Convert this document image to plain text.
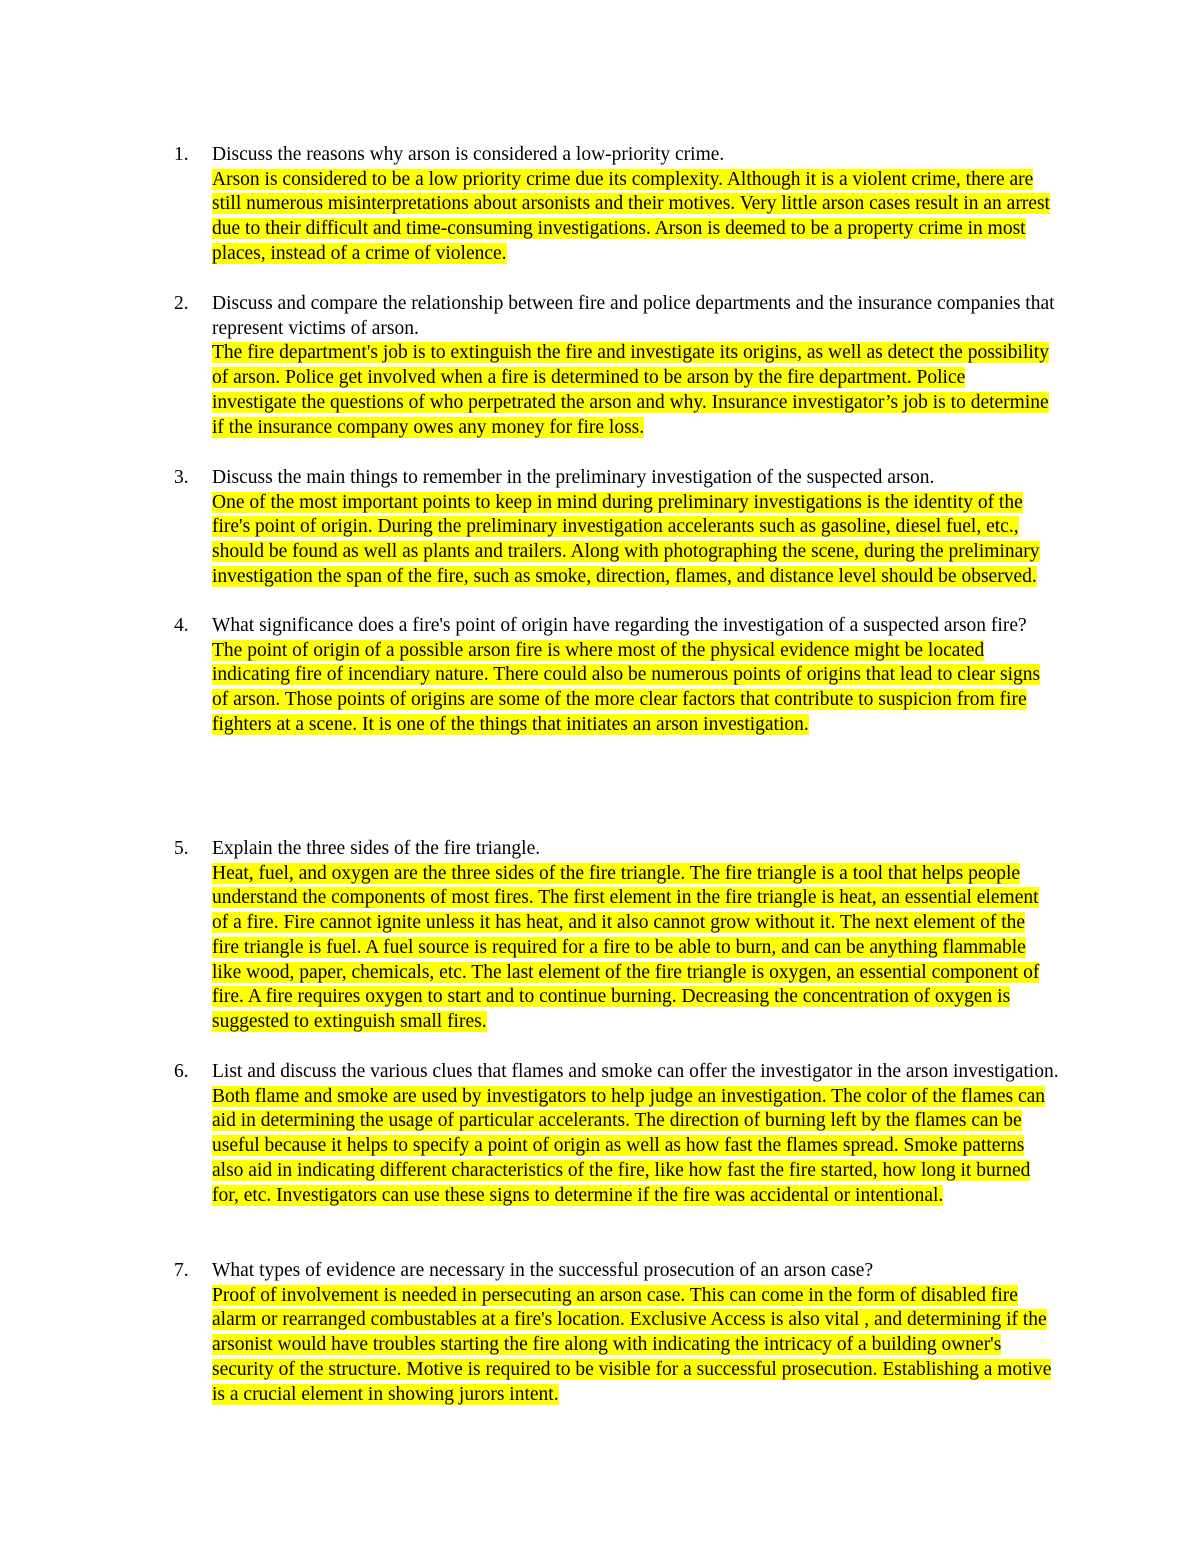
1.	Discuss the reasons why arson is considered a low-priority crime.
Arson is considered to be a low priority crime due its complexity. Although it is a violent crime, there are still numerous misinterpretations about arsonists and their motives. Very little arson cases result in an arrest due to their difficult and time-consuming investigations. Arson is deemed to be a property crime in most places, instead of a crime of violence.
2.	Discuss and compare the relationship between fire and police departments and the insurance companies that represent victims of arson.
The fire department's job is to extinguish the fire and investigate its origins, as well as detect the possibility of arson. Police get involved when a fire is determined to be arson by the fire department. Police investigate the questions of who perpetrated the arson and why. Insurance investigator’s job is to determine if the insurance company owes any money for fire loss.
3.	Discuss the main things to remember in the preliminary investigation of the suspected arson.
One of the most important points to keep in mind during preliminary investigations is the identity of the fire's point of origin. During the preliminary investigation accelerants such as gasoline, diesel fuel, etc., should be found as well as plants and trailers. Along with photographing the scene, during the preliminary investigation the span of the fire, such as smoke, direction, flames, and distance level should be observed.
4.	What significance does a fire's point of origin have regarding the investigation of a suspected arson fire?
The point of origin of a possible arson fire is where most of the physical evidence might be located indicating fire of incendiary nature. There could also be numerous points of origins that lead to clear signs of arson. Those points of origins are some of the more clear factors that contribute to suspicion from fire fighters at a scene. It is one of the things that initiates an arson investigation.
5.	Explain the three sides of the fire triangle.
Heat, fuel, and oxygen are the three sides of the fire triangle. The fire triangle is a tool that helps people understand the components of most fires. The first element in the fire triangle is heat, an essential element of a fire. Fire cannot ignite unless it has heat, and it also cannot grow without it. The next element of the fire triangle is fuel. A fuel source is required for a fire to be able to burn, and can be anything flammable like wood, paper, chemicals, etc. The last element of the fire triangle is oxygen, an essential component of fire. A fire requires oxygen to start and to continue burning. Decreasing the concentration of oxygen is suggested to extinguish small fires.
6.	List and discuss the various clues that flames and smoke can offer the investigator in the arson investigation.
Both flame and smoke are used by investigators to help judge an investigation. The color of the flames can aid in determining the usage of particular accelerants. The direction of burning left by the flames can be useful because it helps to specify a point of origin as well as how fast the flames spread. Smoke patterns also aid in indicating different characteristics of the fire, like how fast the fire started, how long it burned for, etc. Investigators can use these signs to determine if the fire was accidental or intentional.
7.	What types of evidence are necessary in the successful prosecution of an arson case?
Proof of involvement is needed in persecuting an arson case. This can come in the form of disabled fire alarm or rearranged combustables at a fire's location. Exclusive Access is also vital , and determining if the arsonist would have troubles starting the fire along with indicating the intricacy of a building owner's security of the structure. Motive is required to be visible for a successful prosecution. Establishing a motive is a crucial element in showing jurors intent.
